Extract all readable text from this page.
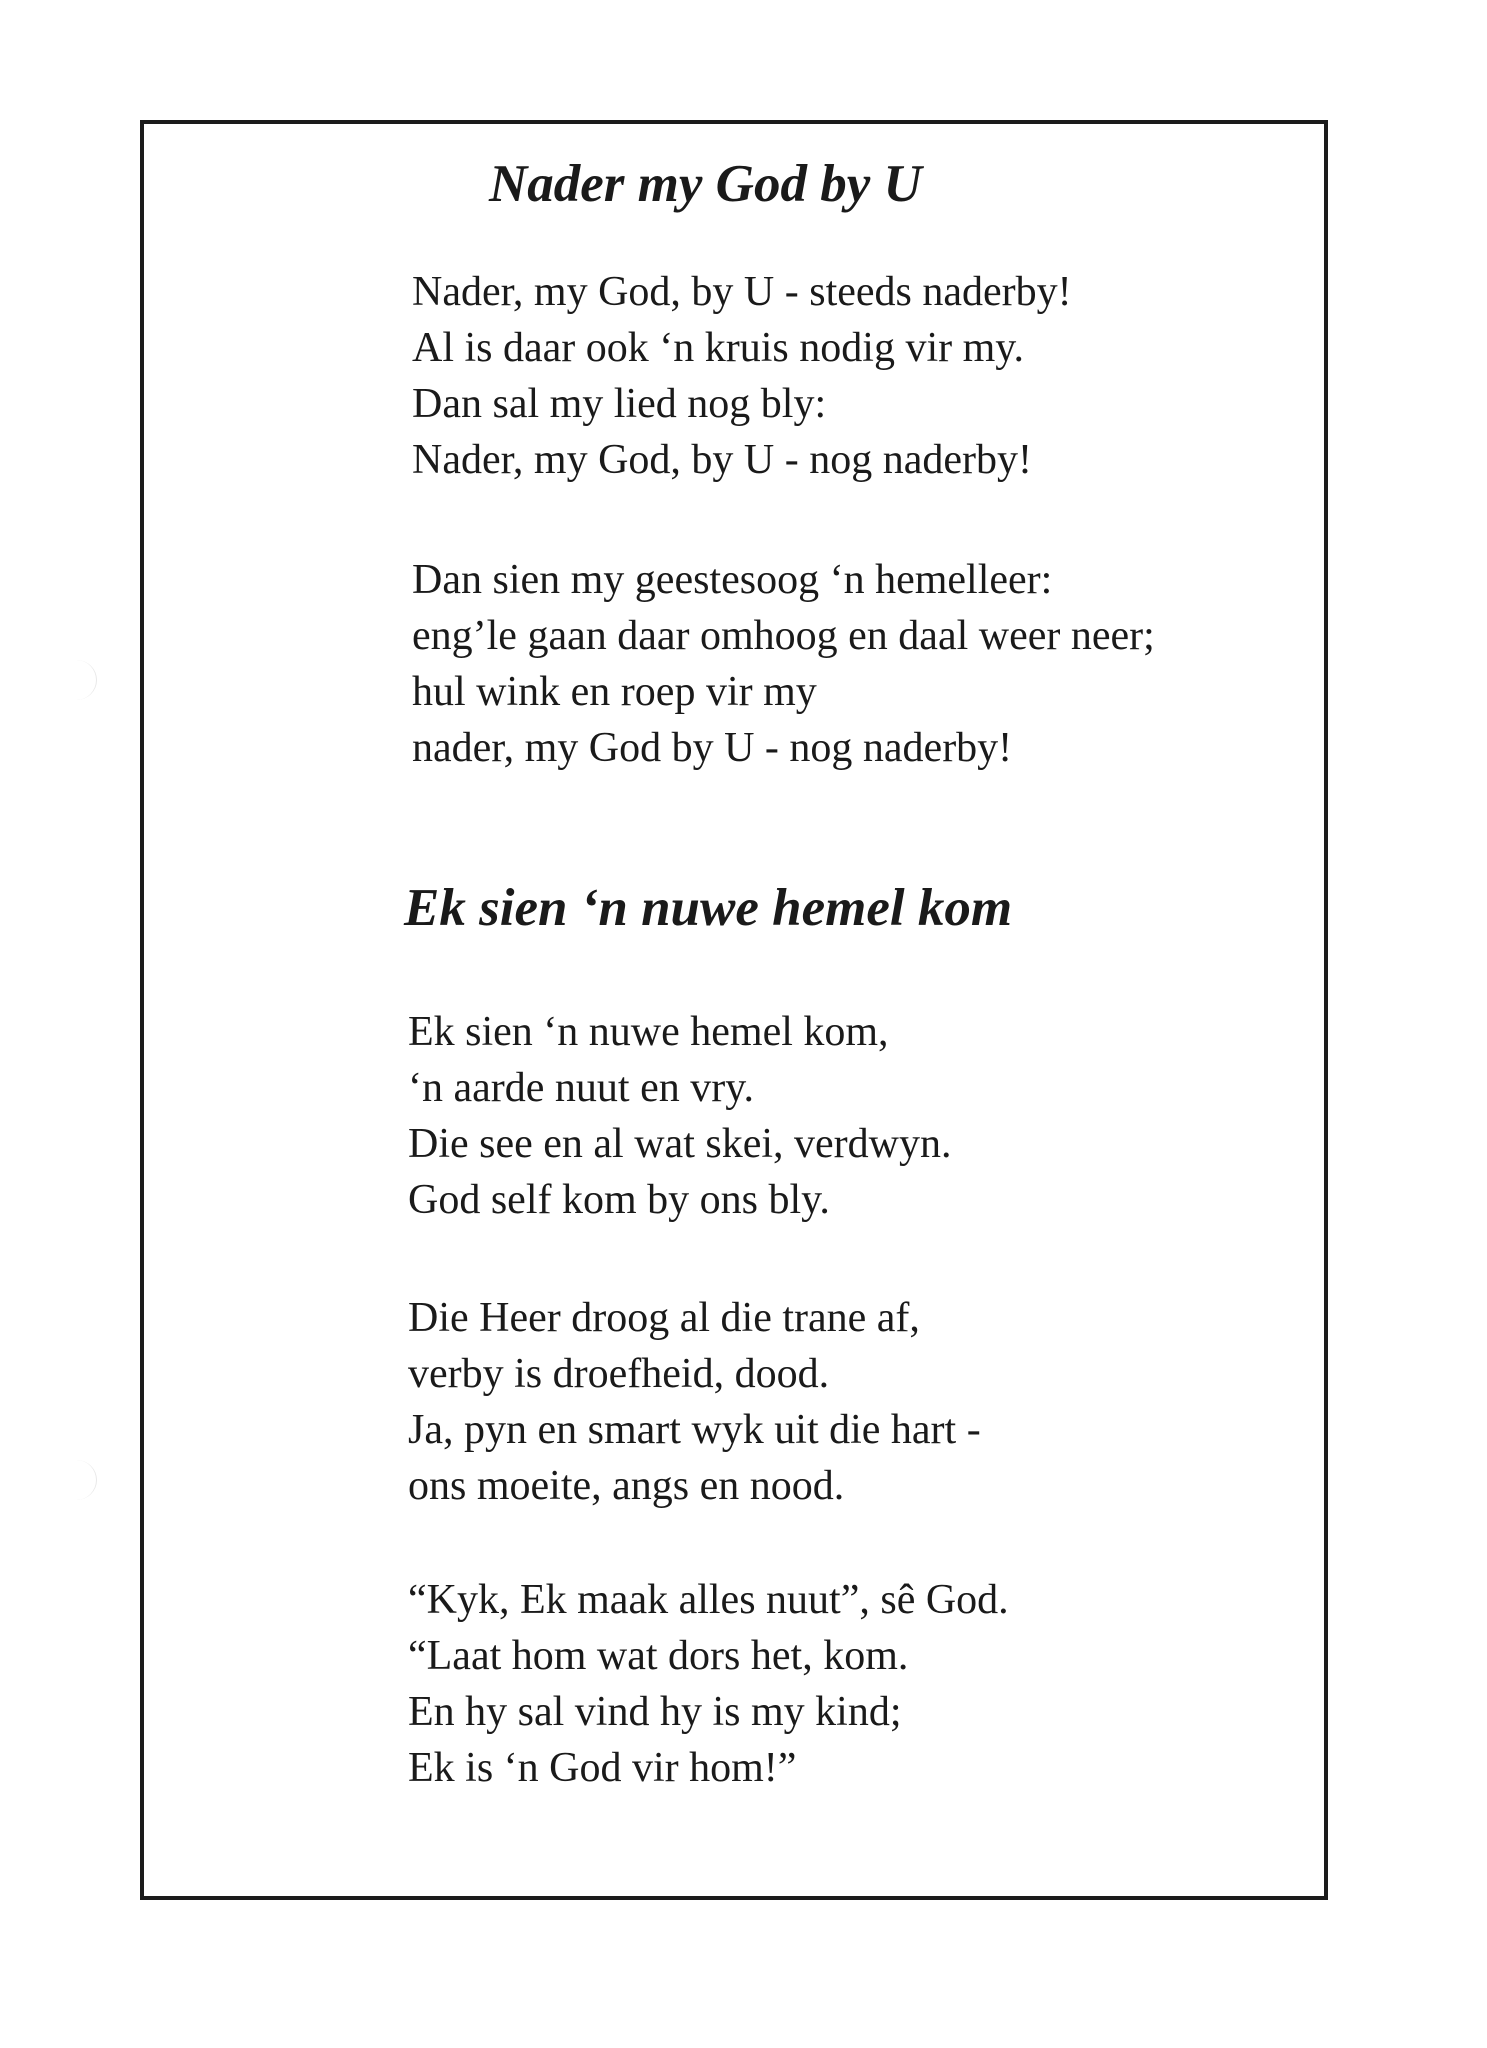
Nader my God by U
Nader, my God, by U - steeds naderby!
Al is daar ook ‘n kruis nodig vir my.
Dan sal my lied nog bly:
Nader, my God, by U - nog naderby!
Dan sien my geestesoog ‘n hemelleer:
eng’le gaan daar omhoog en daal weer neer;
hul wink en roep vir my
nader, my God by U - nog naderby!
Ek sien ‘n nuwe hemel kom
Ek sien ‘n nuwe hemel kom,
‘n aarde nuut en vry.
Die see en al wat skei, verdwyn.
God self kom by ons bly.
Die Heer droog al die trane af,
verby is droefheid, dood.
Ja, pyn en smart wyk uit die hart -
ons moeite, angs en nood.
“Kyk, Ek maak alles nuut”, sê God.
“Laat hom wat dors het, kom.
En hy sal vind hy is my kind;
Ek is ‘n God vir hom!”
